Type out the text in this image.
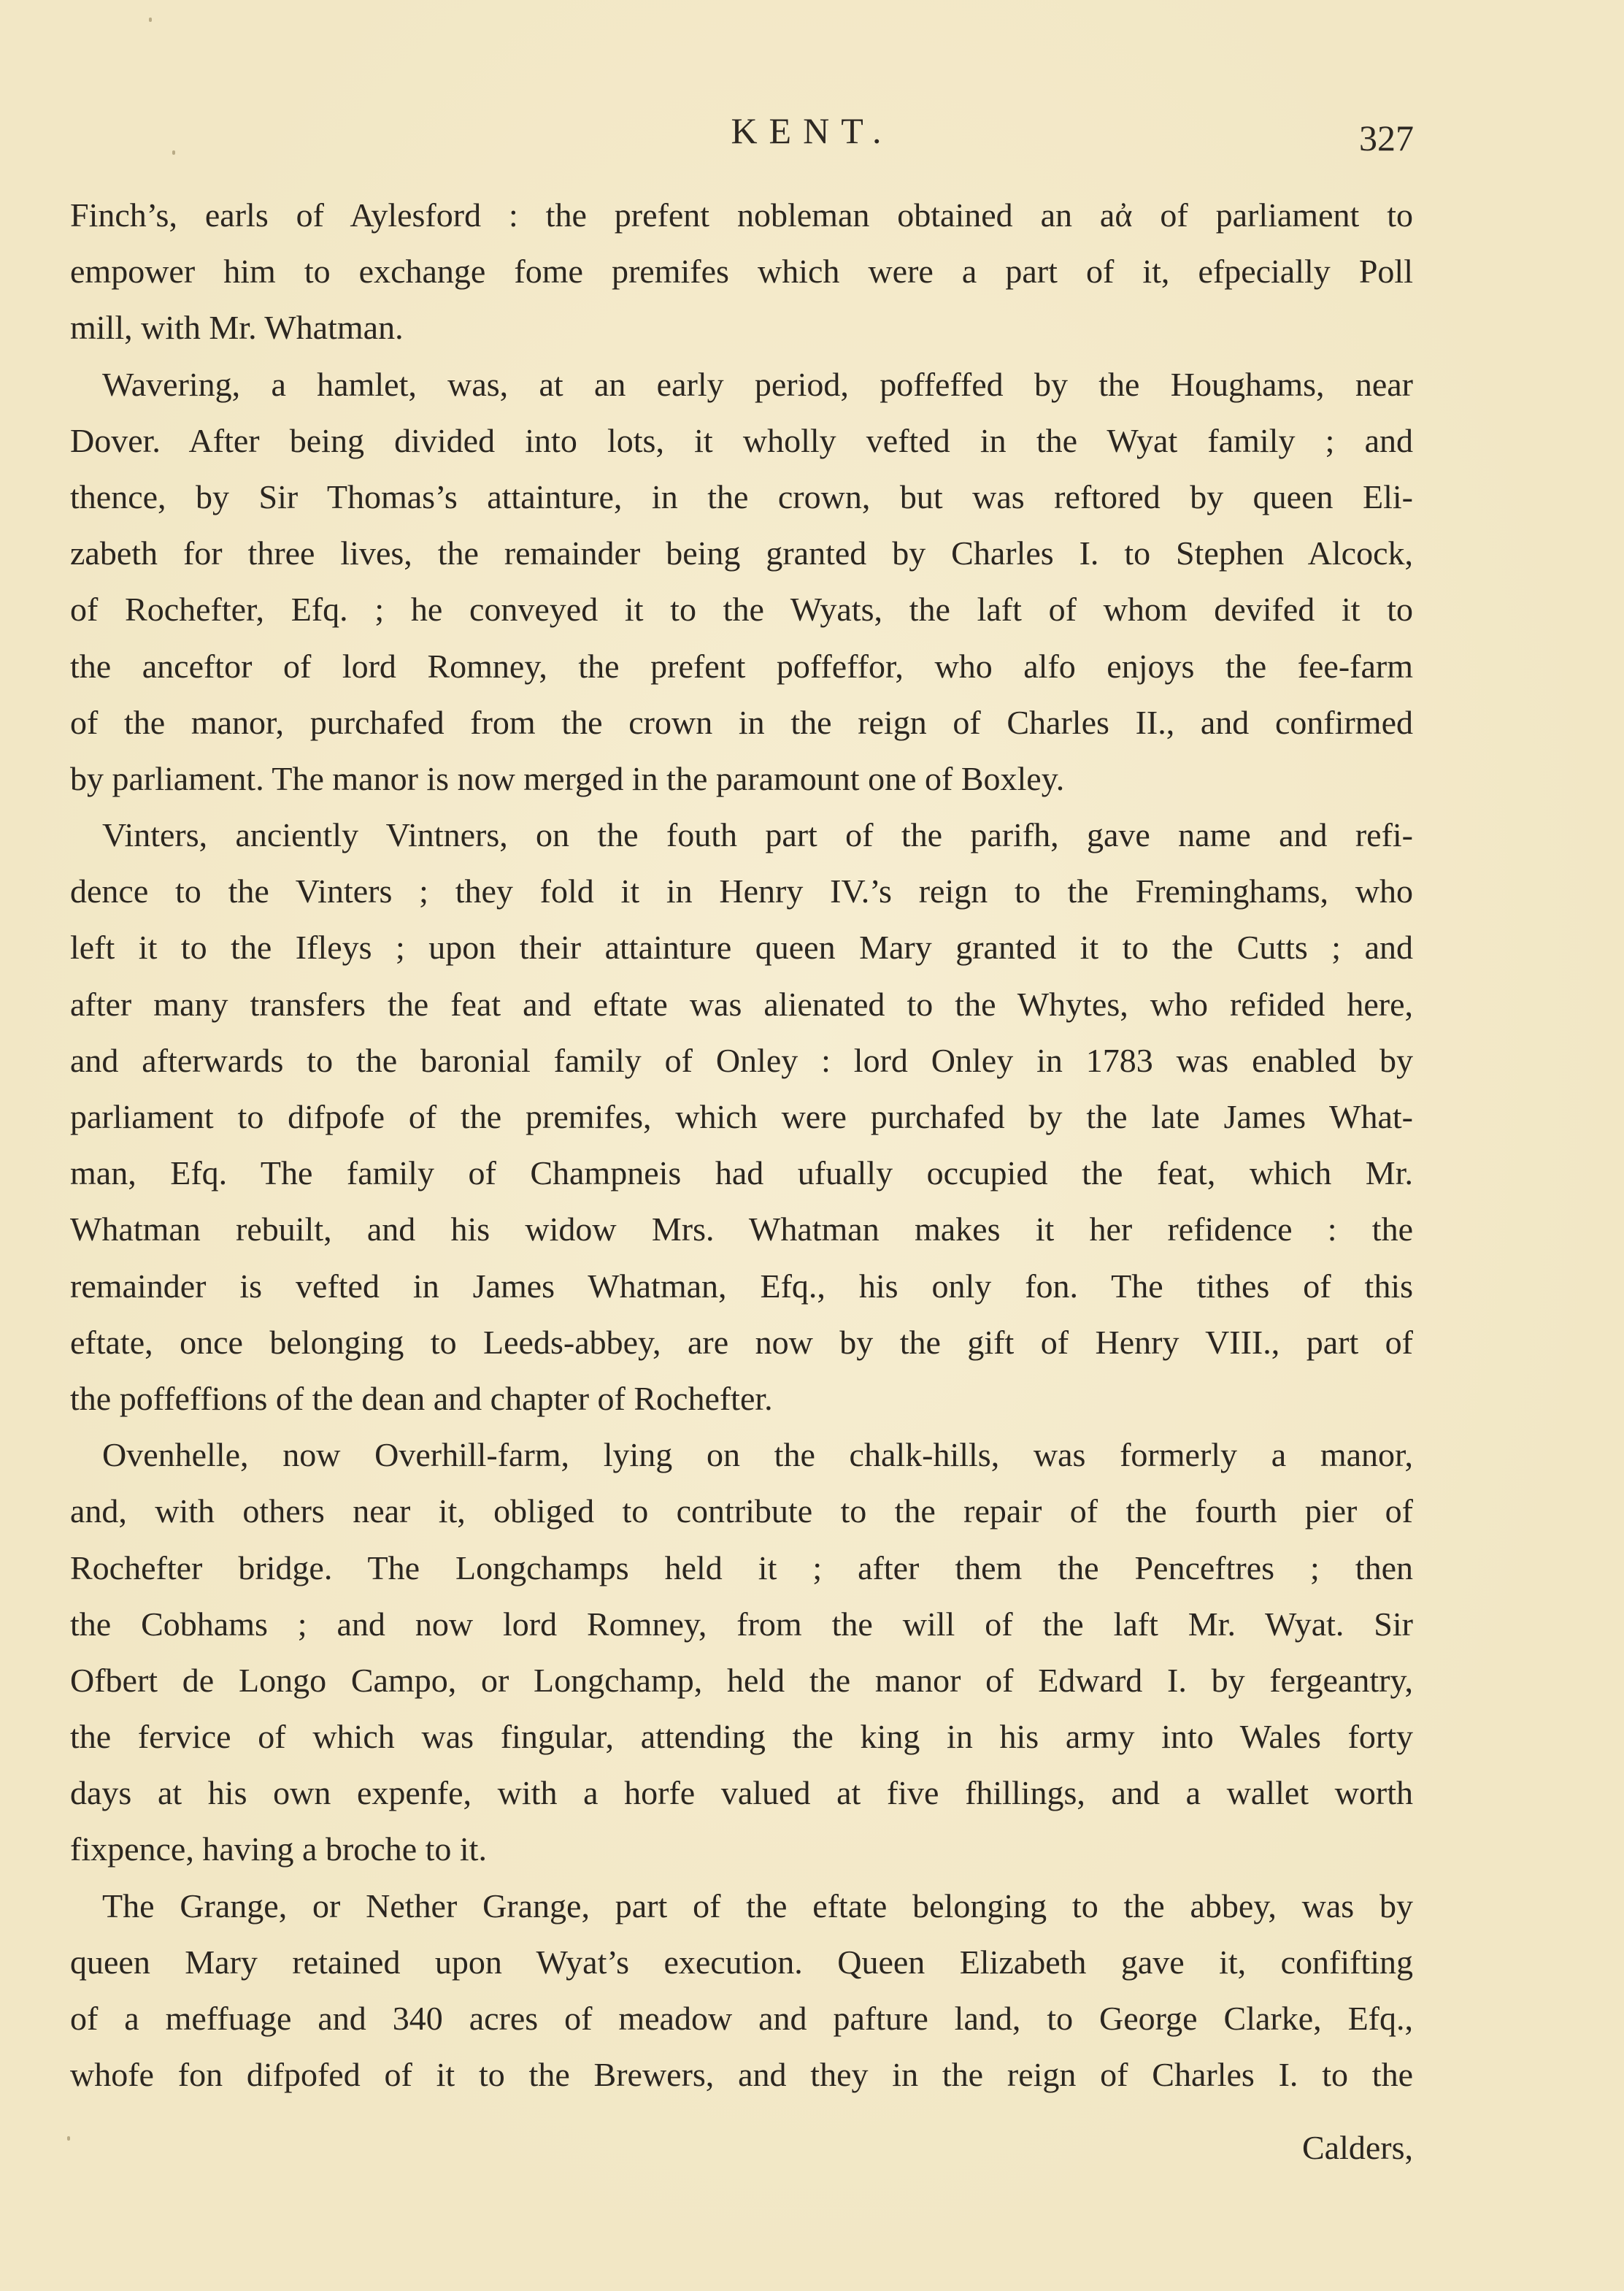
KENT.	327
Finch’s, earls of Aylesford : the prefent nobleman obtained an aἀ of parliament to
empower him to exchange fome premifes which were a part of it, efpecially Poll
mill, with Mr. Whatman.
Wavering, a hamlet, was, at an early period, poffeffed by the Houghams, near
Dover. After being divided into lots, it wholly vefted in the Wyat family ; and
thence, by Sir Thomas’s attainture, in the crown, but was reftored by queen Eli-
zabeth for three lives, the remainder being granted by Charles I. to Stephen Alcock,
of Rochefter, Efq. ; he conveyed it to the Wyats, the laft of whom devifed it to
the anceftor of lord Romney, the prefent poffeffor, who alfo enjoys the fee-farm
of the manor, purchafed from the crown in the reign of Charles II., and confirmed
by parliament. The manor is now merged in the paramount one of Boxley.
Vinters, anciently Vintners, on the fouth part of the parifh, gave name and refi-
dence to the Vinters ; they fold it in Henry IV.’s reign to the Freminghams, who
left it to the Ifleys ; upon their attainture queen Mary granted it to the Cutts ; and
after many transfers the feat and eftate was alienated to the Whytes, who refided here,
and afterwards to the baronial family of Onley : lord Onley in 1783 was enabled by
parliament to difpofe of the premifes, which were purchafed by the late James What-
man, Efq. The family of Champneis had ufually occupied the feat, which Mr.
Whatman rebuilt, and his widow Mrs. Whatman makes it her refidence : the
remainder is vefted in James Whatman, Efq., his only fon. The tithes of this
eftate, once belonging to Leeds-abbey, are now by the gift of Henry VIII., part of
the poffeffions of the dean and chapter of Rochefter.
Ovenhelle, now Overhill-farm, lying on the chalk-hills, was formerly a manor,
and, with others near it, obliged to contribute to the repair of the fourth pier of
Rochefter bridge. The Longchamps held it ; after them the Penceftres ; then
the Cobhams ; and now lord Romney, from the will of the laft Mr. Wyat. Sir
Ofbert de Longo Campo, or Longchamp, held the manor of Edward I. by fergeantry,
the fervice of which was fingular, attending the king in his army into Wales forty
days at his own expenfe, with a horfe valued at five fhillings, and a wallet worth
fixpence, having a broche to it.
The Grange, or Nether Grange, part of the eftate belonging to the abbey, was by
queen Mary retained upon Wyat’s execution. Queen Elizabeth gave it, confifting
of a meffuage and 340 acres of meadow and pafture land, to George Clarke, Efq.,
whofe fon difpofed of it to the Brewers, and they in the reign of Charles I. to the
Calders,
